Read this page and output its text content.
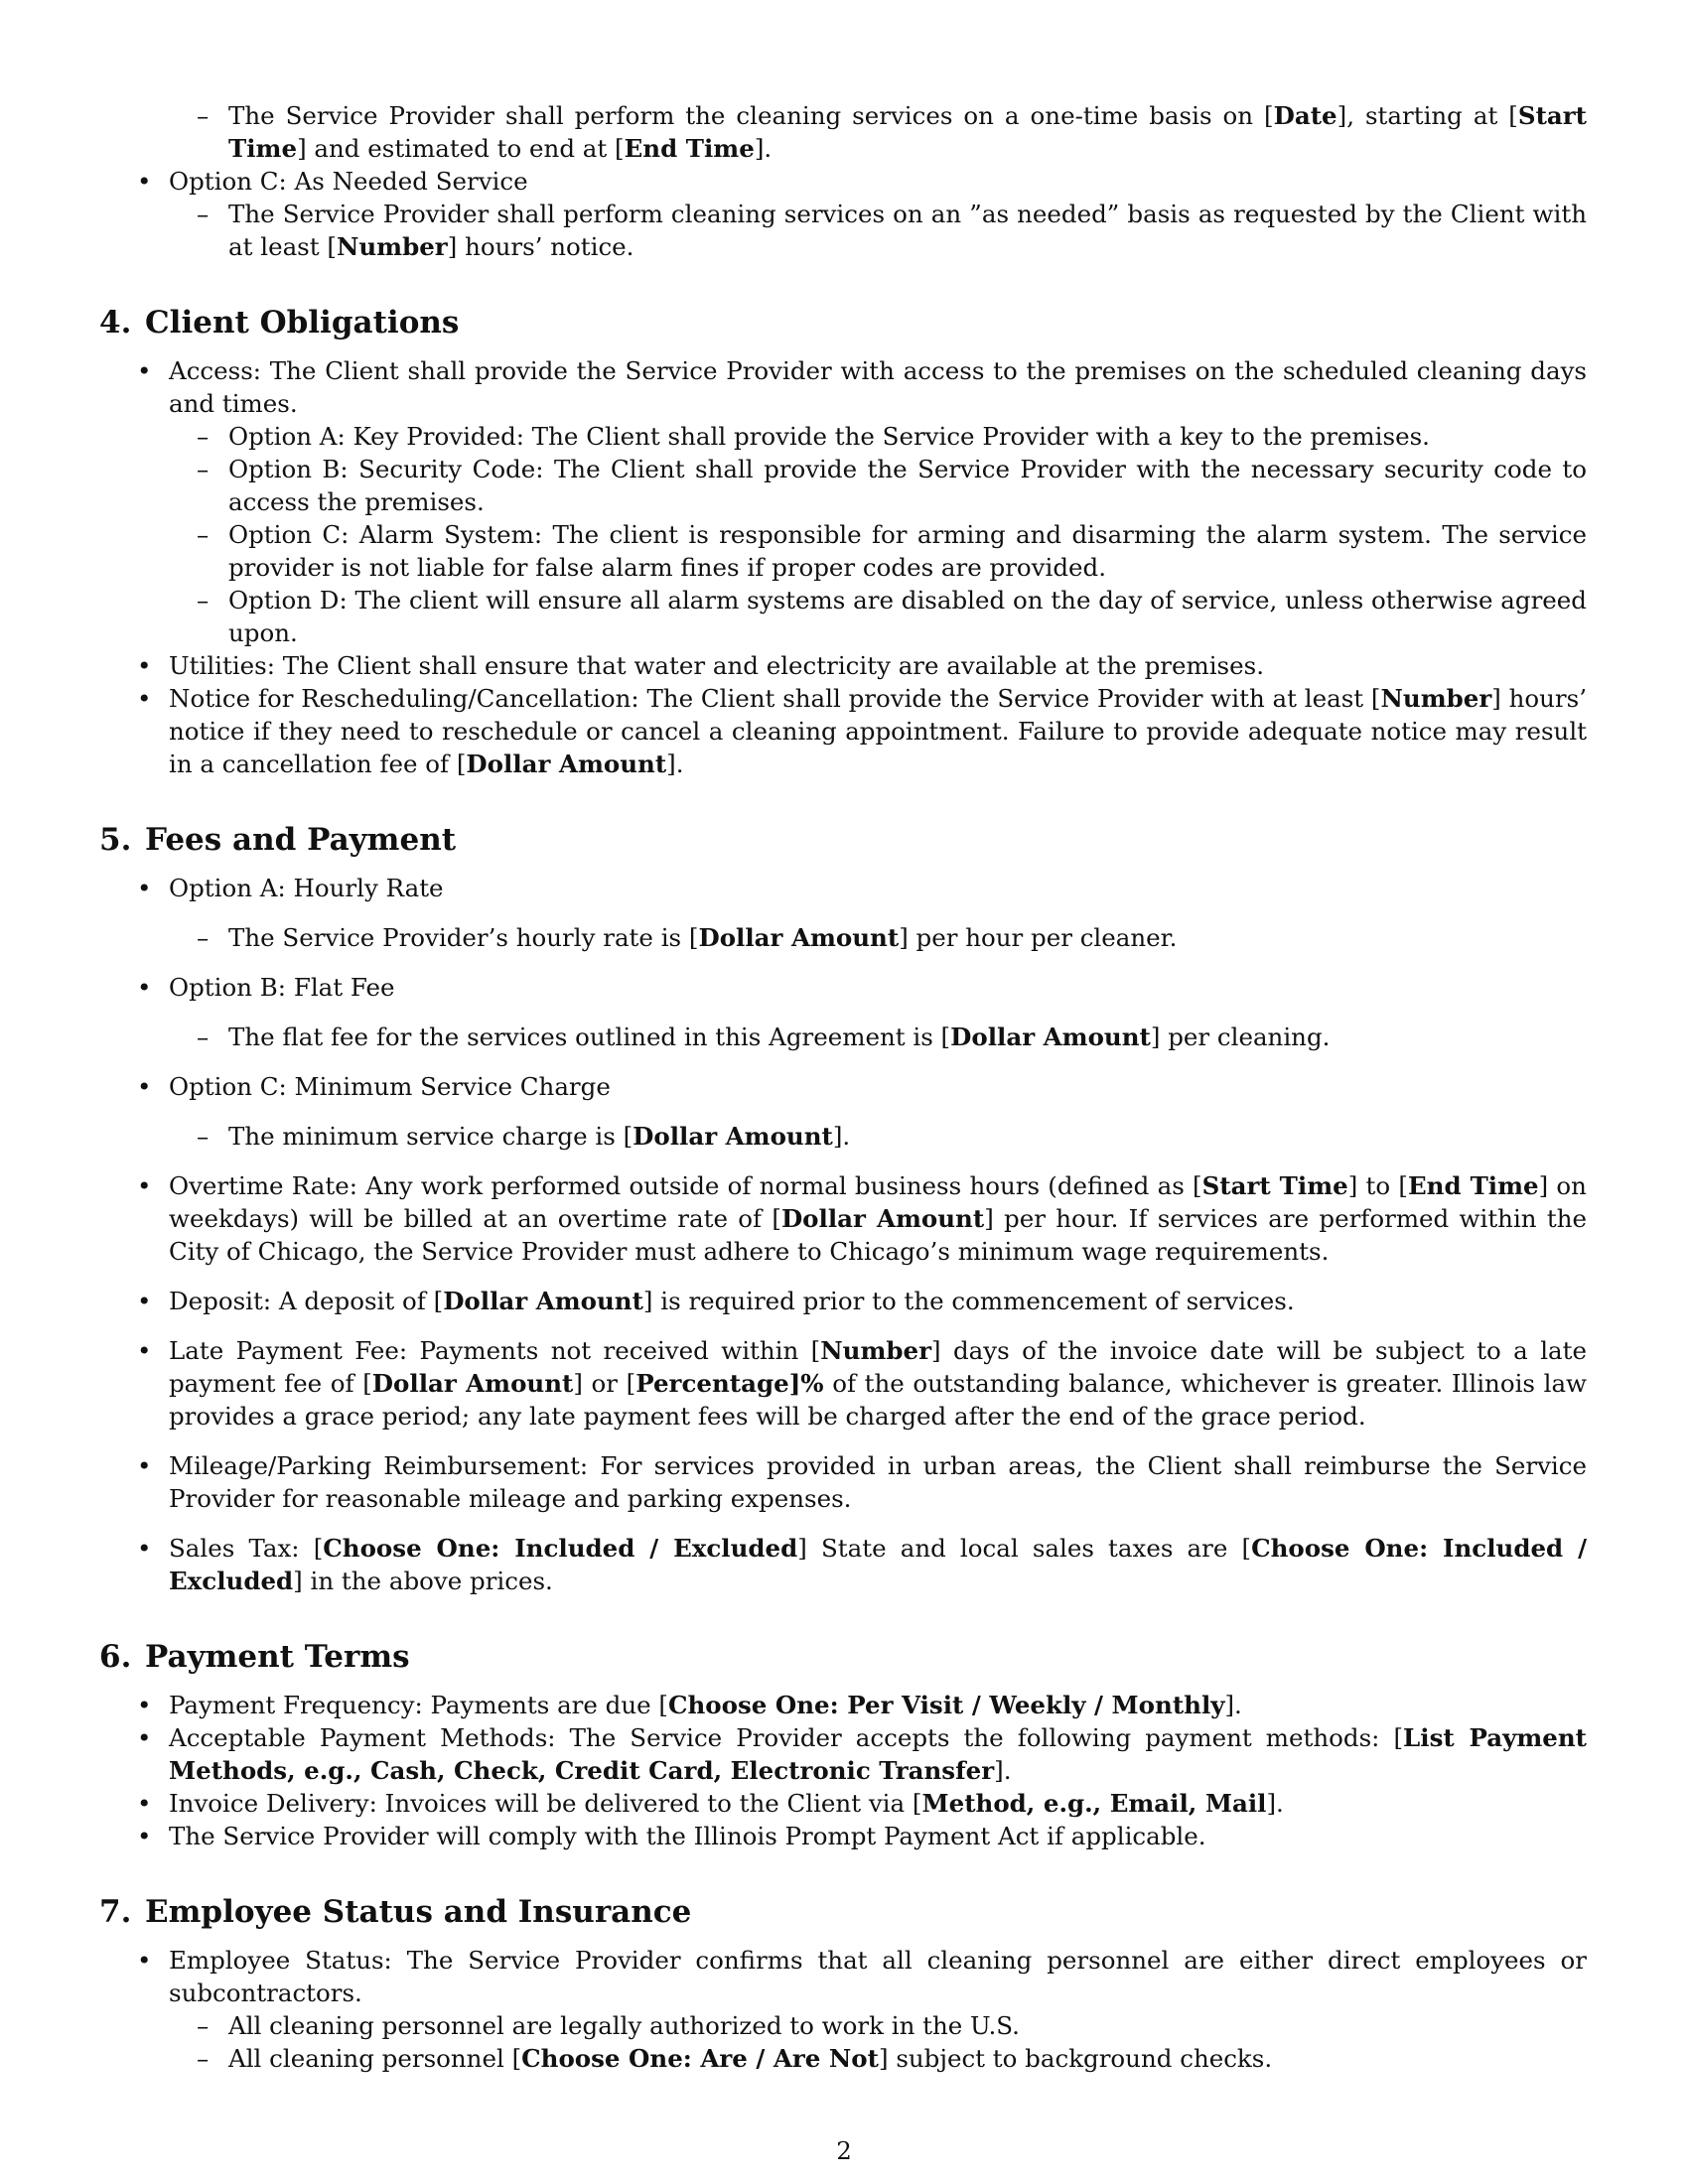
– The Service Provider shall perform the cleaning services on a one-time basis on [Date], starting at [Start Time] and estimated to end at [End Time].

• Option C: As Needed Service

– The Service Provider shall perform cleaning services on an ”as needed” basis as requested by the Client with at least [Number] hours’ notice.

4. Client Obligations

• Access: The Client shall provide the Service Provider with access to the premises on the scheduled cleaning days and times.

– Option A: Key Provided: The Client shall provide the Service Provider with a key to the premises.

– Option B: Security Code: The Client shall provide the Service Provider with the necessary security code to access the premises.

– Option C: Alarm System: The client is responsible for arming and disarming the alarm system. The service provider is not liable for false alarm fines if proper codes are provided.

– Option D: The client will ensure all alarm systems are disabled on the day of service, unless otherwise agreed upon.

• Utilities: The Client shall ensure that water and electricity are available at the premises.

• Notice for Rescheduling/Cancellation: The Client shall provide the Service Provider with at least [Number] hours’ notice if they need to reschedule or cancel a cleaning appointment. Failure to provide adequate notice may result in a cancellation fee of [Dollar Amount].

5. Fees and Payment

• Option A: Hourly Rate

– The Service Provider’s hourly rate is [Dollar Amount] per hour per cleaner.

• Option B: Flat Fee

– The flat fee for the services outlined in this Agreement is [Dollar Amount] per cleaning.

• Option C: Minimum Service Charge

– The minimum service charge is [Dollar Amount].

• Overtime Rate: Any work performed outside of normal business hours (defined as [Start Time] to [End Time] on weekdays) will be billed at an overtime rate of [Dollar Amount] per hour. If services are performed within the City of Chicago, the Service Provider must adhere to Chicago’s minimum wage requirements.

• Deposit: A deposit of [Dollar Amount] is required prior to the commencement of services.

• Late Payment Fee: Payments not received within [Number] days of the invoice date will be subject to a late payment fee of [Dollar Amount] or [Percentage]% of the outstanding balance, whichever is greater. Illinois law provides a grace period; any late payment fees will be charged after the end of the grace period.

• Mileage/Parking Reimbursement: For services provided in urban areas, the Client shall reimburse the Service Provider for reasonable mileage and parking expenses.

• Sales Tax: [Choose One: Included / Excluded] State and local sales taxes are [Choose One: Included / Excluded] in the above prices.

6. Payment Terms

• Payment Frequency: Payments are due [Choose One: Per Visit / Weekly / Monthly].

• Acceptable Payment Methods: The Service Provider accepts the following payment methods: [List Payment Methods, e.g., Cash, Check, Credit Card, Electronic Transfer].

• Invoice Delivery: Invoices will be delivered to the Client via [Method, e.g., Email, Mail].

• The Service Provider will comply with the Illinois Prompt Payment Act if applicable.

7. Employee Status and Insurance

• Employee Status: The Service Provider confirms that all cleaning personnel are either direct employees or subcontractors.

– All cleaning personnel are legally authorized to work in the U.S.

– All cleaning personnel [Choose One: Are / Are Not] subject to background checks.

2
